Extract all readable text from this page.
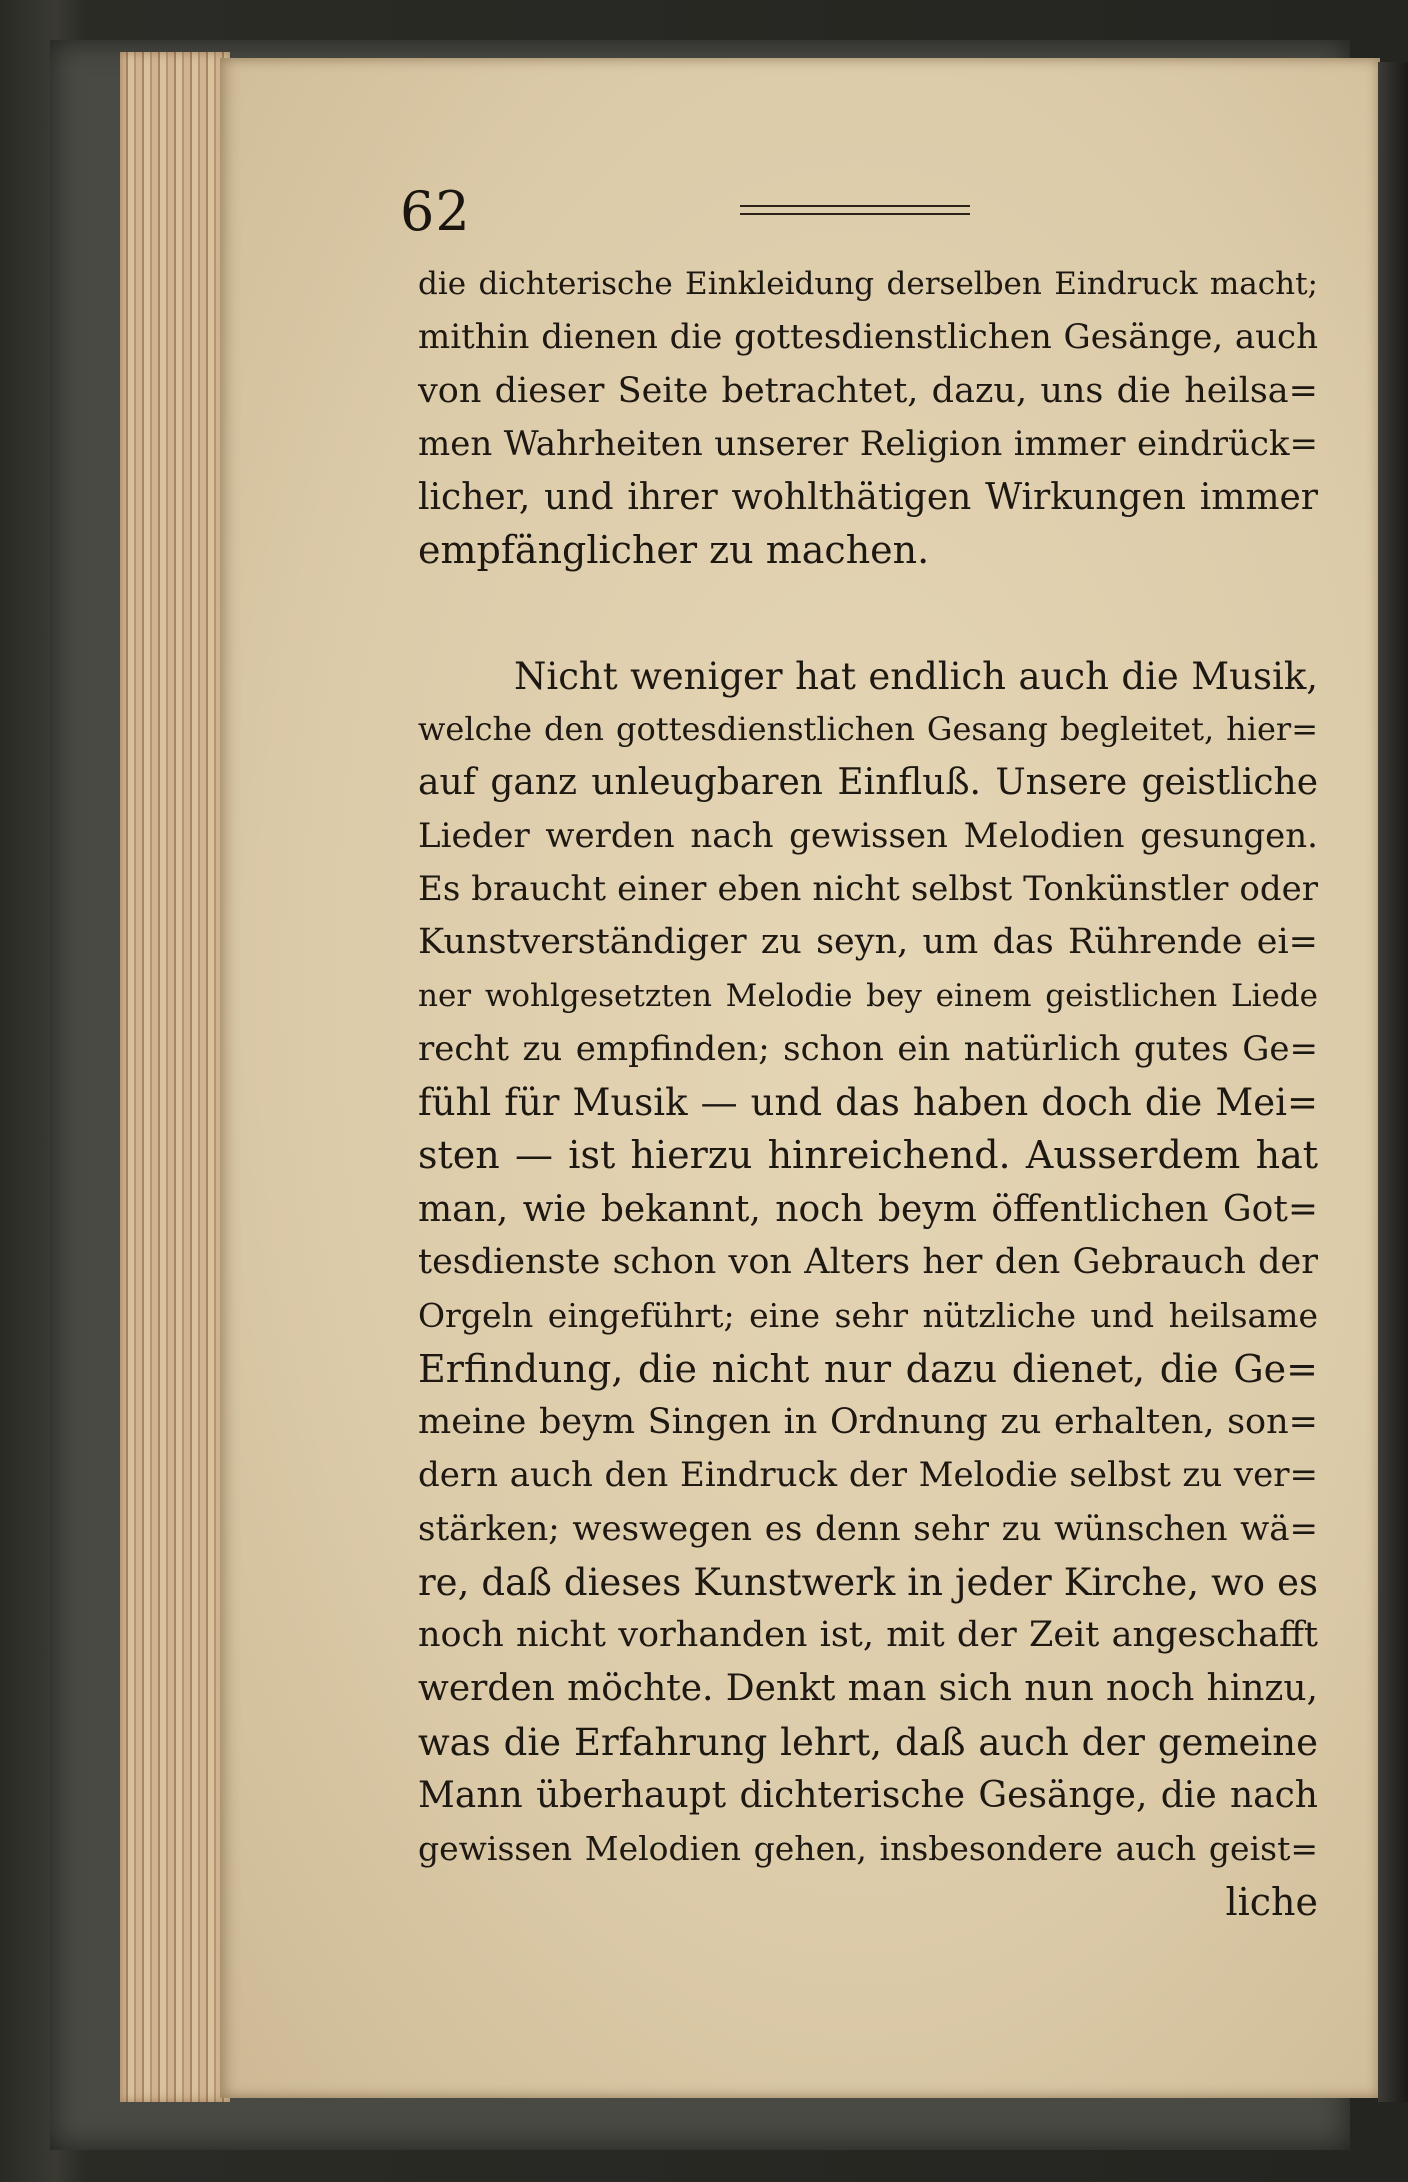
62
die dichterische Einkleidung derselben Eindruck macht;
mithin dienen die gottesdienstlichen Gesänge, auch
von dieser Seite betrachtet, dazu, uns die heilsa=
men Wahrheiten unserer Religion immer eindrück=
licher, und ihrer wohlthätigen Wirkungen immer
empfänglicher zu machen.
Nicht weniger hat endlich auch die Musik,
welche den gottesdienstlichen Gesang begleitet, hier=
auf ganz unleugbaren Einfluß. Unsere geistliche
Lieder werden nach gewissen Melodien gesungen.
Es braucht einer eben nicht selbst Tonkünstler oder
Kunstverständiger zu seyn, um das Rührende ei=
ner wohlgesetzten Melodie bey einem geistlichen Liede
recht zu empfinden; schon ein natürlich gutes Ge=
fühl für Musik — und das haben doch die Mei=
sten — ist hierzu hinreichend. Ausserdem hat
man, wie bekannt, noch beym öffentlichen Got=
tesdienste schon von Alters her den Gebrauch der
Orgeln eingeführt; eine sehr nützliche und heilsame
Erfindung, die nicht nur dazu dienet, die Ge=
meine beym Singen in Ordnung zu erhalten, son=
dern auch den Eindruck der Melodie selbst zu ver=
stärken; weswegen es denn sehr zu wünschen wä=
re, daß dieses Kunstwerk in jeder Kirche, wo es
noch nicht vorhanden ist, mit der Zeit angeschafft
werden möchte. Denkt man sich nun noch hinzu,
was die Erfahrung lehrt, daß auch der gemeine
Mann überhaupt dichterische Gesänge, die nach
gewissen Melodien gehen, insbesondere auch geist=
liche
